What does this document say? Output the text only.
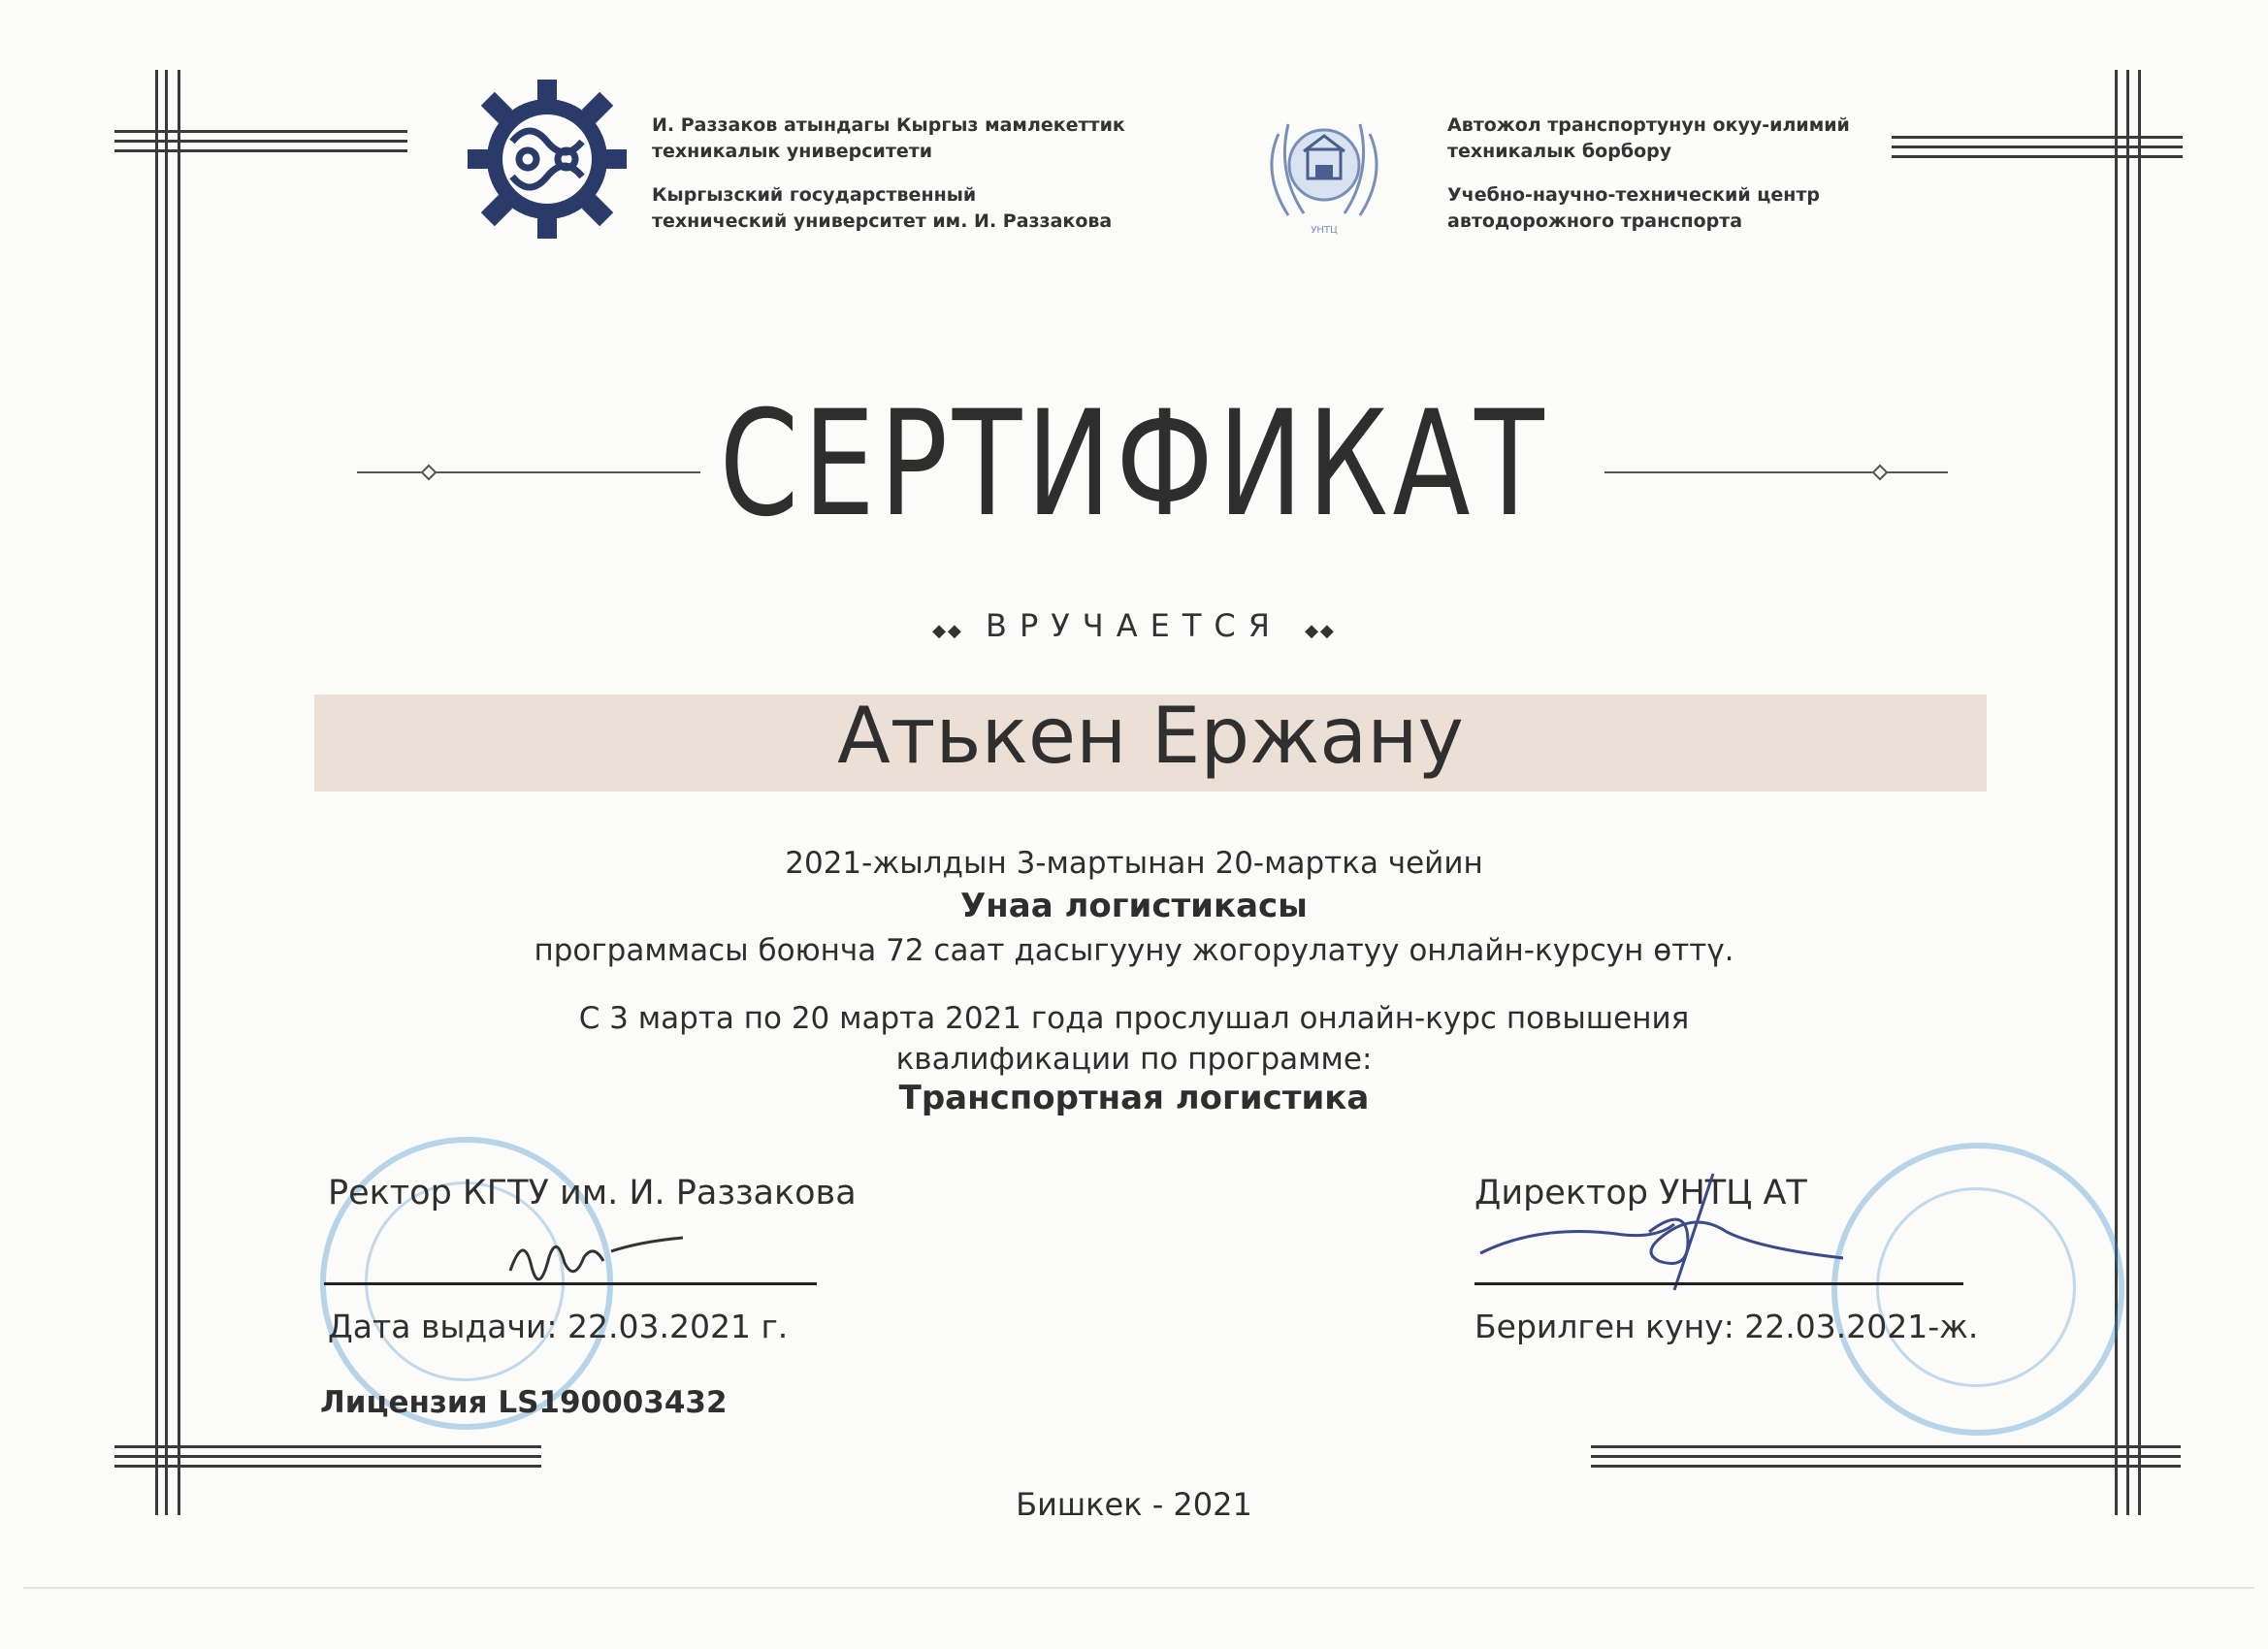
И. Раззаков атындагы Кыргыз мамлекеттик
техникалык университети
Кыргызский государственный
технический университет им. И. Раззакова	УНТЦ
Автожол транспортунун окуу-илимий
техникалык борбору
Учебно-научно-технический центр
автодорожного транспорта
СЕРТИФИКАТ
◆◆ ВРУЧАЕТСЯ ◆◆
Атькен Ержану
2021-жылдын 3-мартынан 20-мартка чейин
Унаа логистикасы
программасы боюнча 72 саат дасыгууну жогорулатуу онлайн-курсун өттү.
С 3 марта по 20 марта 2021 года прослушал онлайн-курс повышения
квалификации по программе:
Транспортная логистика
Ректор КГТУ им. И. Раззакова
Дата выдачи: 22.03.2021 г.
Лицензия LS190003432
Директор УНТЦ АТ
Берилген куну: 22.03.2021-ж.
Бишкек - 2021
